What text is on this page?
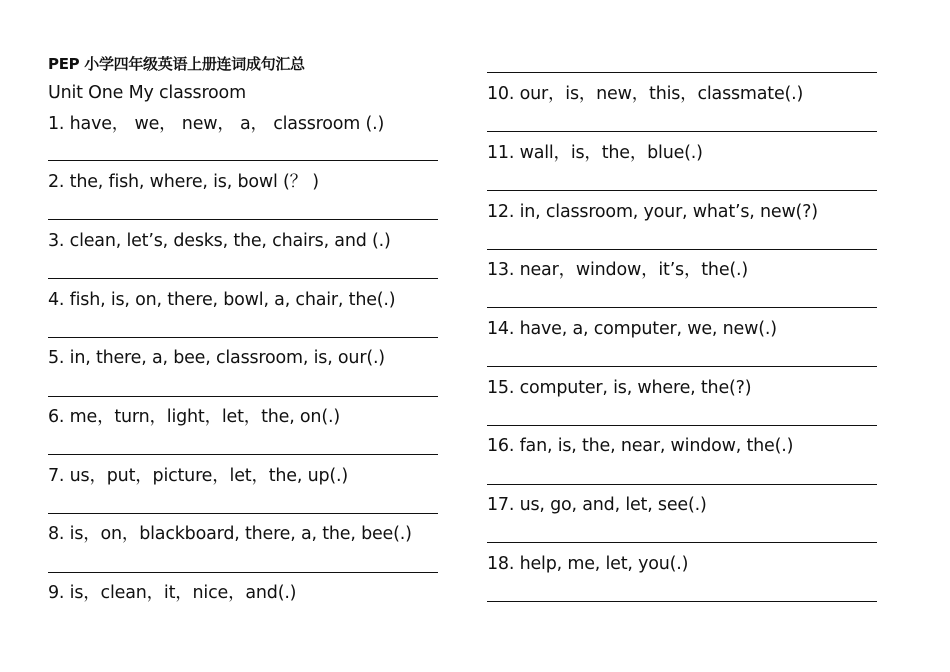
PEP 小学四年级英语上册连词成句汇总
Unit One My classroom
1. have， we， new， a， classroom (.)
2. the, fish, where, is, bowl (？ )
3. clean, let’s, desks, the, chairs, and (.)
4. fish, is, on, there, bowl, a, chair, the(.)
5. in, there, a, bee, classroom, is, our(.)
6. me，turn，light，let，the, on(.)
7. us，put，picture，let，the, up(.)
8. is，on，blackboard, there, a, the, bee(.)
9. is，clean，it，nice，and(.)
10. our，is，new，this，classmate(.)
11. wall，is，the，blue(.)
12. in, classroom, your, what’s, new(?)
13. near，window，it’s，the(.)
14. have, a, computer, we, new(.)
15. computer, is, where, the(?)
16. fan, is, the, near, window, the(.)
17. us, go, and, let, see(.)
18. help, me, let, you(.)
